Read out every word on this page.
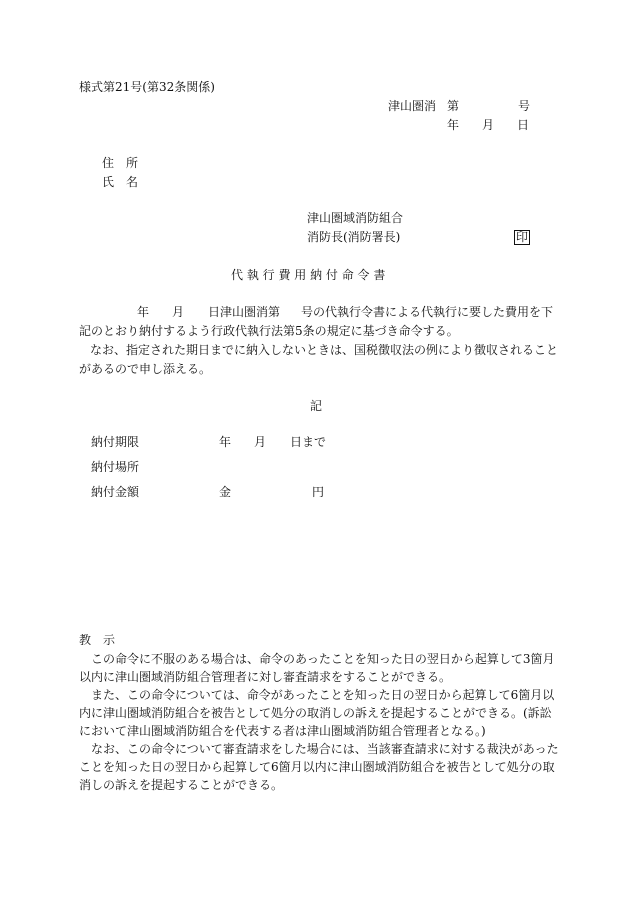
様式第21号(第32条関係)
津山圏消 第	号
年 月 日
住　所
氏　名
津山圏域消防組合
消防長(消防署長)	印
代 執 行 費 用 納 付 命 令 書
年 月 日津山圏消第 号の代執行令書による代執行に要した費用を下
記のとおり納付するよう行政代執行法第5条の規定に基づき命令する。
なお、指定された期日までに納入しないときは、国税徴収法の例により徴収されること
があるので申し添える。
記
納付期限	年 月 日まで
納付場所
納付金額	金	円
教　示
この命令に不服のある場合は、命令のあったことを知った日の翌日から起算して3箇月
以内に津山圏域消防組合管理者に対し審査請求をすることができる。
また、この命令については、命令があったことを知った日の翌日から起算して6箇月以
内に津山圏域消防組合を被告として処分の取消しの訴えを提起することができる。(訴訟
において津山圏域消防組合を代表する者は津山圏域消防組合管理者となる。)
なお、この命令について審査請求をした場合には、当該審査請求に対する裁決があった
ことを知った日の翌日から起算して6箇月以内に津山圏域消防組合を被告として処分の取
消しの訴えを提起することができる。
